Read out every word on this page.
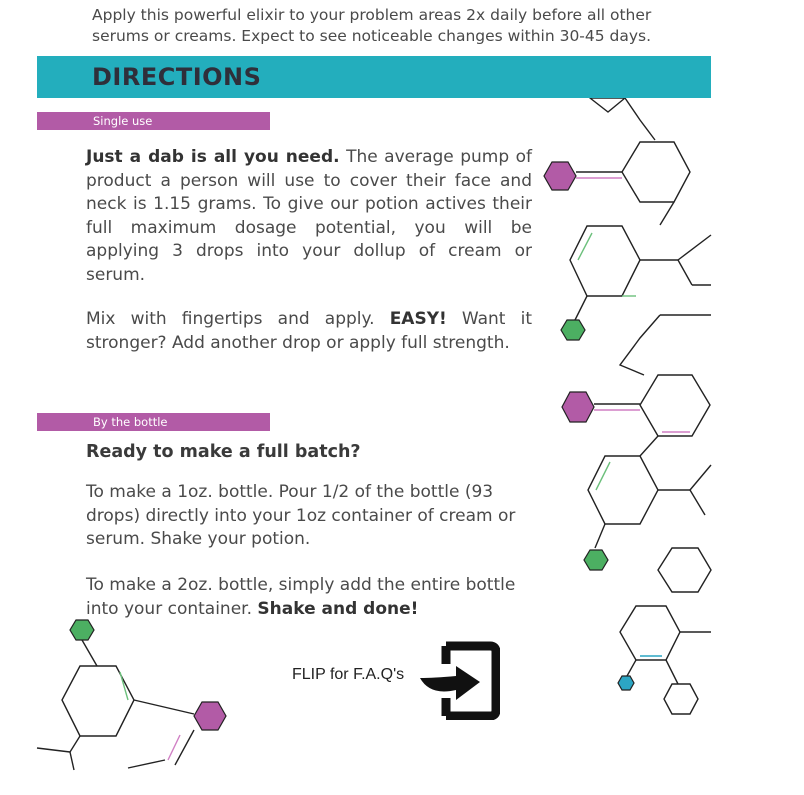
Apply this powerful elixir to your problem areas 2x daily before all other
serums or creams. Expect to see noticeable changes within 30-45 days.
DIRECTIONS
Single use
Just a dab is all you need. The average pump of product a person will use to cover their face and neck is 1.15 grams. To give our potion actives their full maximum dosage potential, you will be applying 3 drops into your dollup of cream or serum.
Mix with fingertips and apply. EASY! Want it stronger? Add another drop or apply full strength.
By the bottle
Ready to make a full batch?
To make a 1oz. bottle. Pour 1/2 of the bottle (93 drops) directly into your 1oz container of cream or serum. Shake your potion.
To make a 2oz. bottle, simply add the entire bottle into your container. Shake and done!
FLIP for F.A.Q's
